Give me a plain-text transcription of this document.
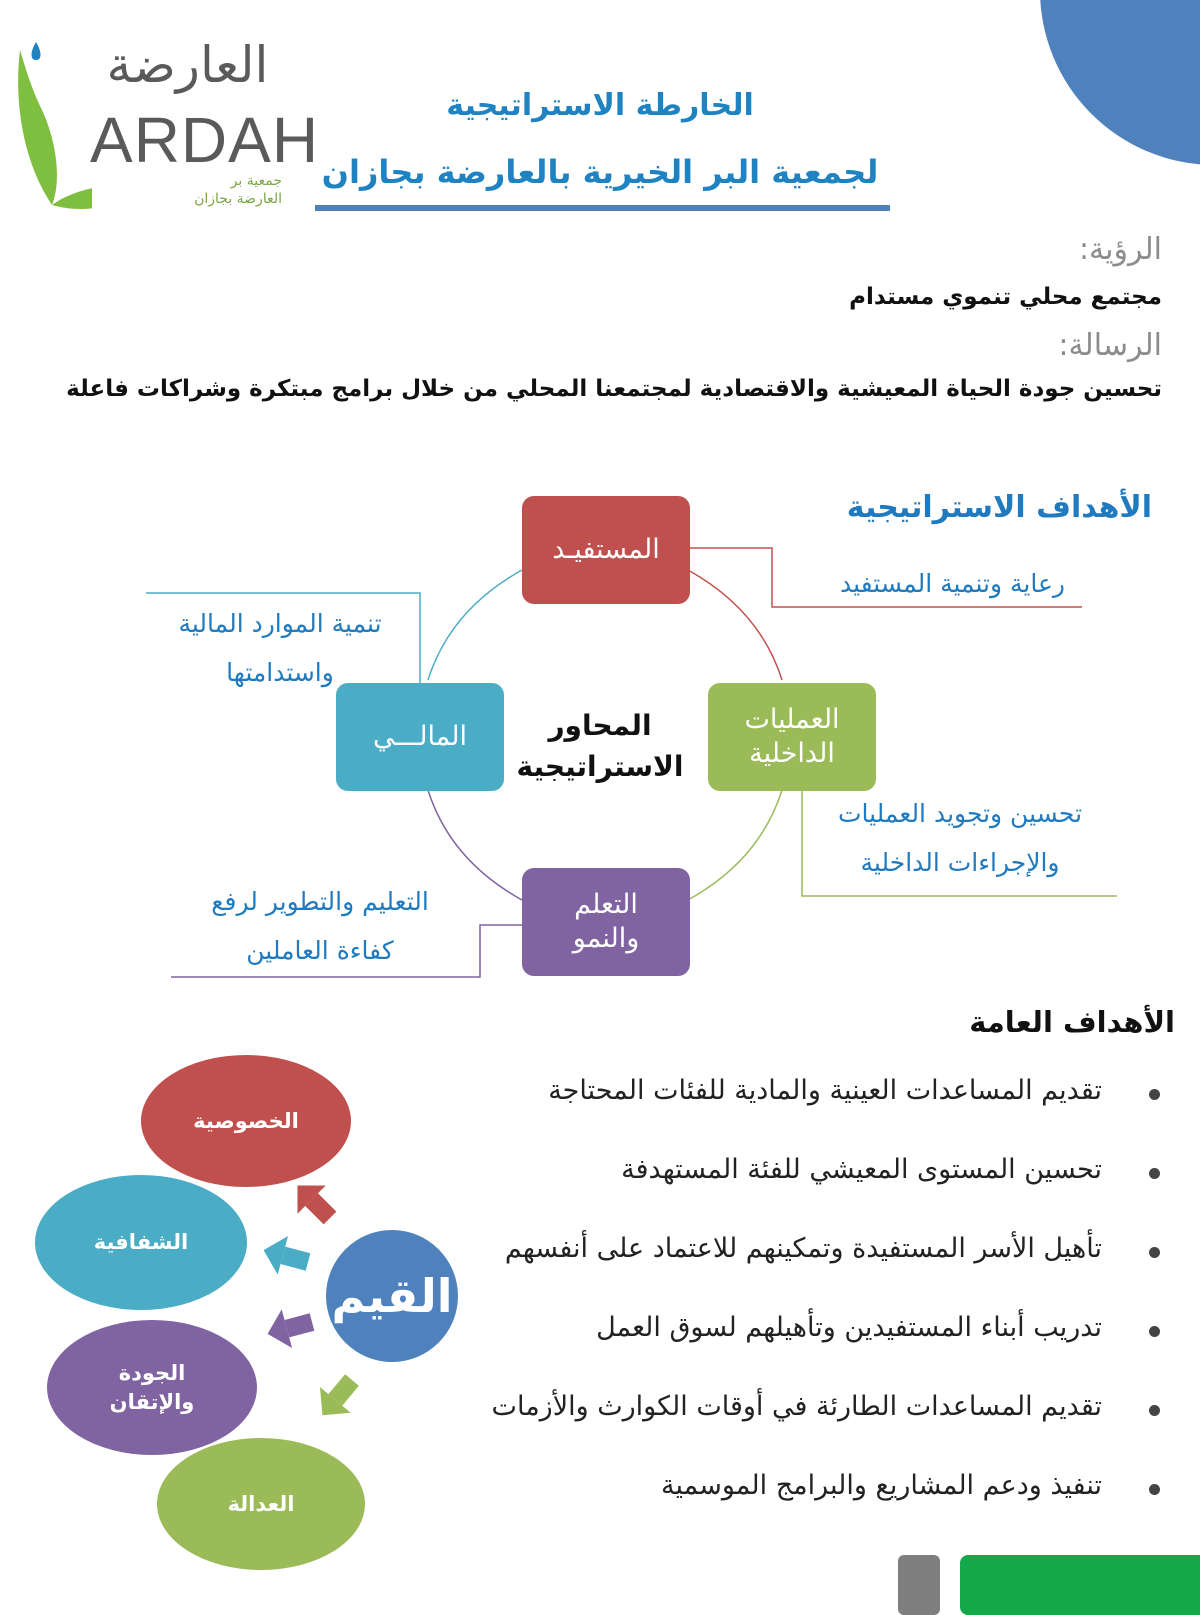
العارضة
ARDAH
جمعية بر
العارضة بجازان
الخارطة الاستراتيجية
لجمعية البر الخيرية بالعارضة بجازان
الرؤية:
مجتمع محلي تنموي مستدام
الرسالة:
تحسين جودة الحياة المعيشية والاقتصادية لمجتمعنا المحلي من خلال برامج مبتكرة وشراكات فاعلة
الأهداف الاستراتيجية
المستفيـد
العمليات
الداخلية
التعلم
والنمو
المالـــي	المحاور
الاستراتيجية
رعاية وتنمية المستفيد
تنمية الموارد المالية
واستدامتها
تحسين وتجويد العمليات
والإجراءات الداخلية
التعليم والتطوير لرفع
كفاءة العاملين
الأهداف العامة
تقديم المساعدات العينية والمادية للفئات المحتاجة
تحسين المستوى المعيشي للفئة المستهدفة
تأهيل الأسر المستفيدة وتمكينهم للاعتماد على أنفسهم
تدريب أبناء المستفيدين وتأهيلهم لسوق العمل
تقديم المساعدات الطارئة في أوقات الكوارث والأزمات
تنفيذ ودعم المشاريع والبرامج الموسمية
الخصوصية
الشفافية
الجودة
والإتقان
العدالة
القيم
